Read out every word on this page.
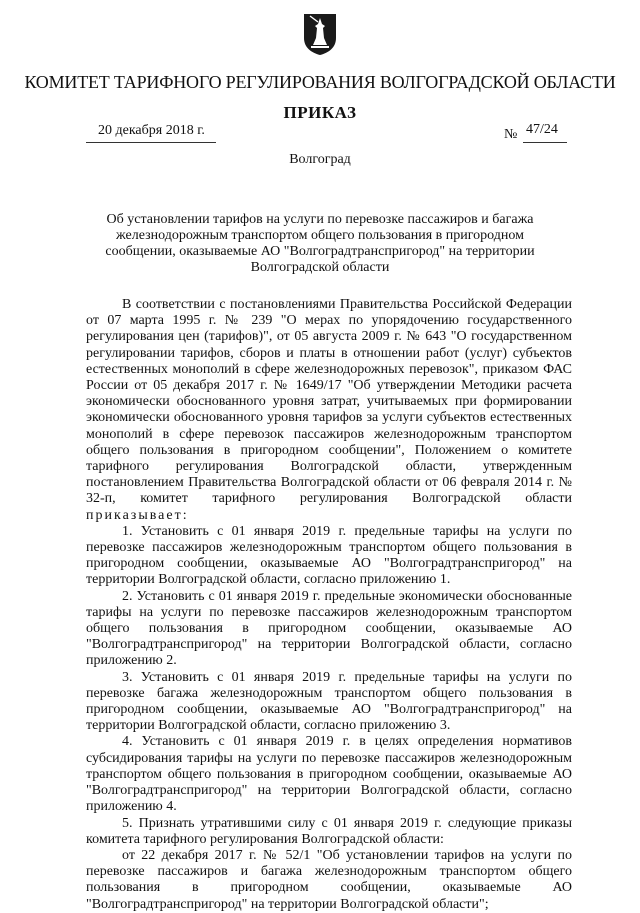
КОМИТЕТ ТАРИФНОГО РЕГУЛИРОВАНИЯ ВОЛГОГРАДСКОЙ ОБЛАСТИ
ПРИКАЗ
20 декабря 2018 г.	№ 47/24
Волгоград
Об установлении тарифов на услуги по перевозке пассажиров и багажа железнодорожным транспортом общего пользования в пригородном сообщении, оказываемые АО "Волгоградтранспригород" на территории Волгоградской области

В соответствии с постановлениями Правительства Российской Федерации от 07 марта 1995 г. № 239 "О мерах по упорядочению государственного регулирования цен (тарифов)", от 05 августа 2009 г. № 643 "О государственном регулировании тарифов, сборов и платы в отношении работ (услуг) субъектов естественных монополий в сфере железнодорожных перевозок", приказом ФАС России от 05 декабря 2017 г. № 1649/17 "Об утверждении Методики расчета экономически обоснованного уровня затрат, учитываемых при формировании экономически обоснованного уровня тарифов за услуги субъектов естественных монополий в сфере перевозок пассажиров железнодорожным транспортом общего пользования в пригородном сообщении", Положением о комитете тарифного регулирования Волгоградской области, утвержденным постановлением Правительства Волгоградской области от 06 февраля 2014 г. № 32-п, комитет тарифного регулирования Волгоградской области приказывает:

1. Установить с 01 января 2019 г. предельные тарифы на услуги по перевозке пассажиров железнодорожным транспортом общего пользования в пригородном сообщении, оказываемые АО "Волгоградтранспригород" на территории Волгоградской области, согласно приложению 1.

2. Установить с 01 января 2019 г. предельные экономически обоснованные тарифы на услуги по перевозке пассажиров железнодорожным транспортом общего пользования в пригородном сообщении, оказываемые АО "Волгоградтранспригород" на территории Волгоградской области, согласно приложению 2.

3. Установить с 01 января 2019 г. предельные тарифы на услуги по перевозке багажа железнодорожным транспортом общего пользования в пригородном сообщении, оказываемые АО "Волгоградтранспригород" на территории Волгоградской области, согласно приложению 3.

4. Установить с 01 января 2019 г. в целях определения нормативов субсидирования тарифы на услуги по перевозке пассажиров железнодорожным транспортом общего пользования в пригородном сообщении, оказываемые АО "Волгоградтранспригород" на территории Волгоградской области, согласно приложению 4.

5. Признать утратившими силу с 01 января 2019 г. следующие приказы комитета тарифного регулирования Волгоградской области:

от 22 декабря 2017 г. № 52/1 "Об установлении тарифов на услуги по перевозке пассажиров и багажа железнодорожным транспортом общего пользования в пригородном сообщении, оказываемые АО "Волгоградтранспригород" на территории Волгоградской области";
